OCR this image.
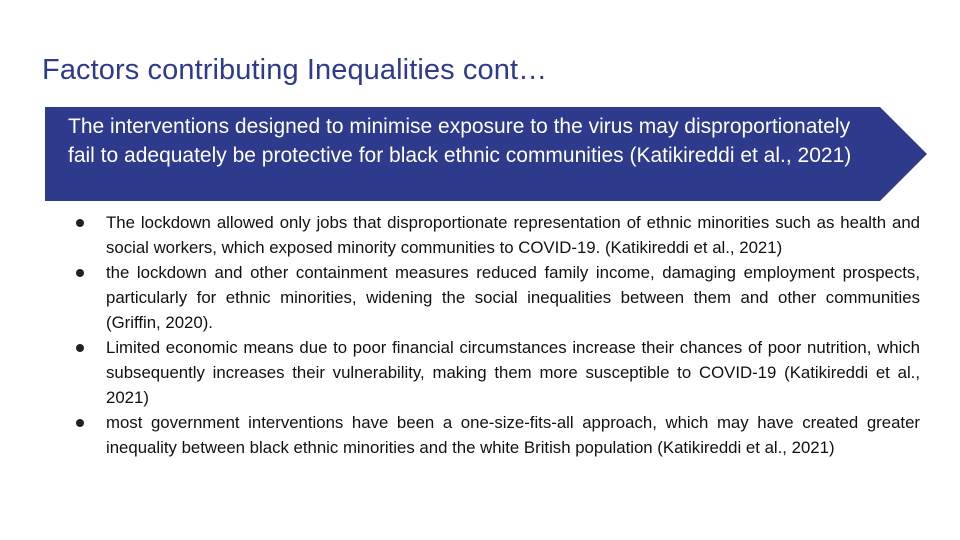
Factors contributing Inequalities cont…
The interventions designed to minimise exposure to the virus may disproportionately fail to adequately be protective for black ethnic communities (Katikireddi et al., 2021)
The lockdown allowed only jobs that disproportionate representation of ethnic minorities such as health and social workers, which exposed minority communities to COVID-19. (Katikireddi et al., 2021)
the lockdown and other containment measures reduced family income, damaging employment prospects, particularly for ethnic minorities, widening the social inequalities between them and other communities (Griffin, 2020).
Limited economic means due to poor financial circumstances increase their chances of poor nutrition, which subsequently increases their vulnerability, making them more susceptible to COVID-19 (Katikireddi et al., 2021)
most government interventions have been a one-size-fits-all approach, which may have created greater inequality between black ethnic minorities and the white British population (Katikireddi et al., 2021)
